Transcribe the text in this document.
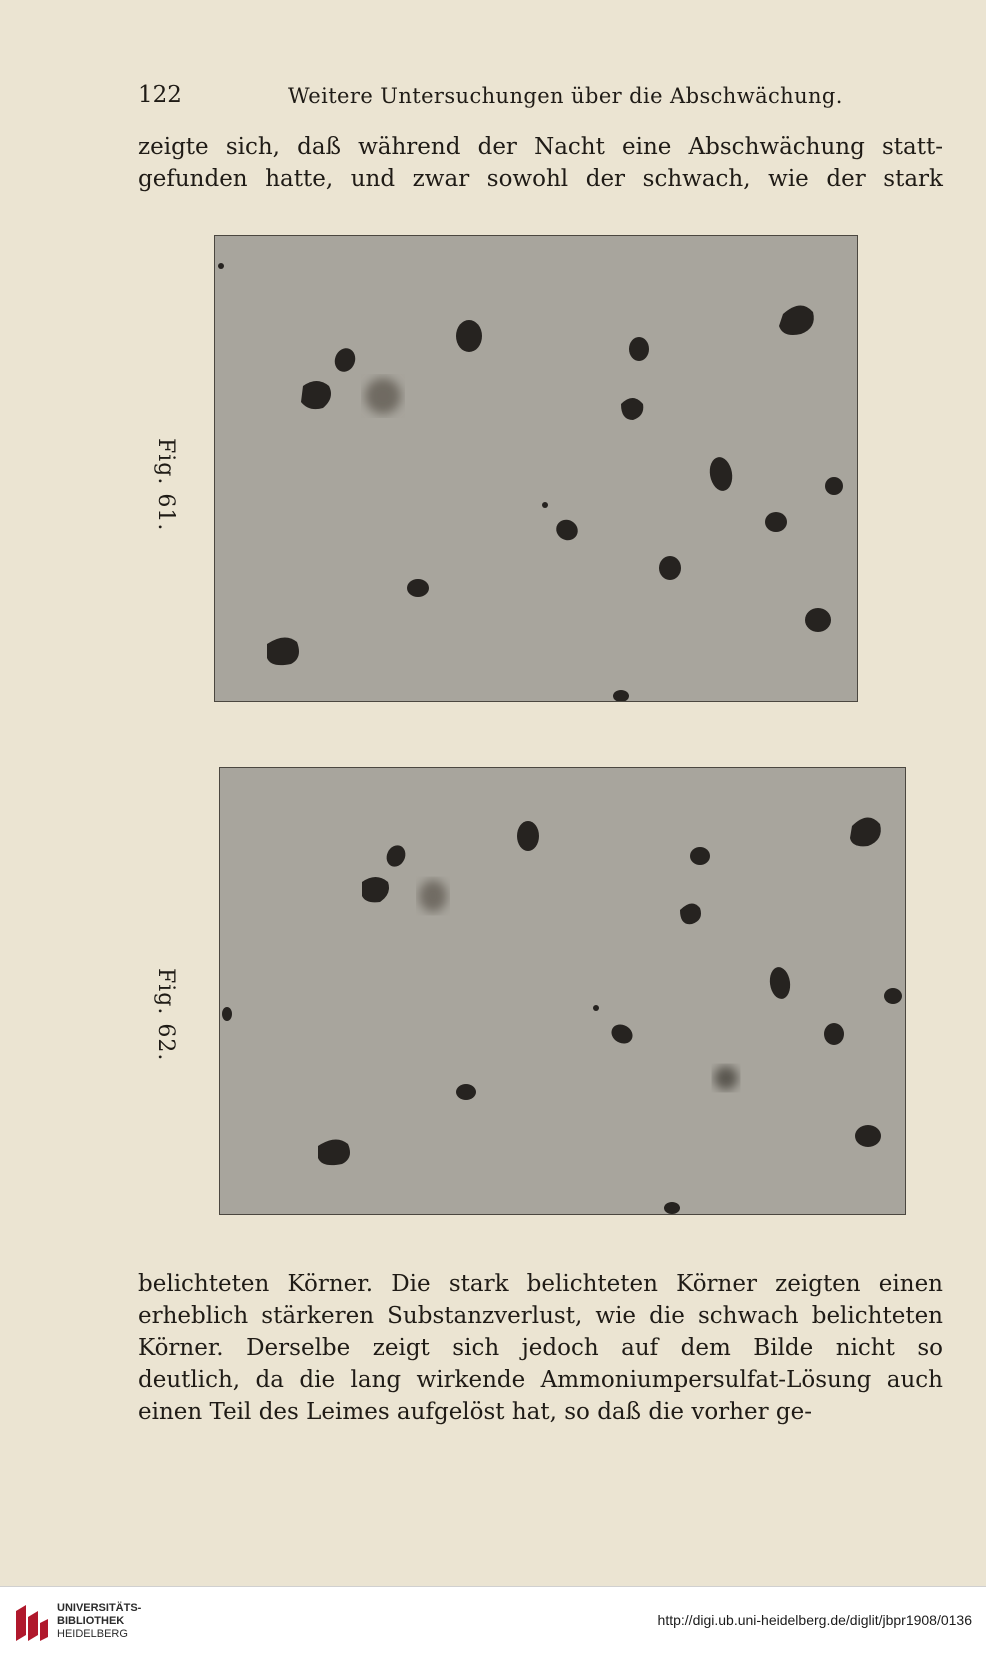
122	Weitere Untersuchungen über die Abschwächung.
zeigte sich, daß während der Nacht eine Abschwächung statt-
gefunden hatte, und zwar sowohl der schwach, wie der stark
Fig. 61.
Fig. 62.
belichteten Körner. Die stark belichteten Körner zeigten einen
erheblich stärkeren Substanzverlust, wie die schwach belichteten
Körner. Derselbe zeigt sich jedoch auf dem Bilde nicht so
deutlich, da die lang wirkende Ammoniumpersulfat-Lösung auch
einen Teil des Leimes aufgelöst hat, so daß die vorher ge-
UNIVERSITÄTS-
BIBLIOTHEK
HEIDELBERG
http://digi.ub.uni-heidelberg.de/diglit/jbpr1908/0136
